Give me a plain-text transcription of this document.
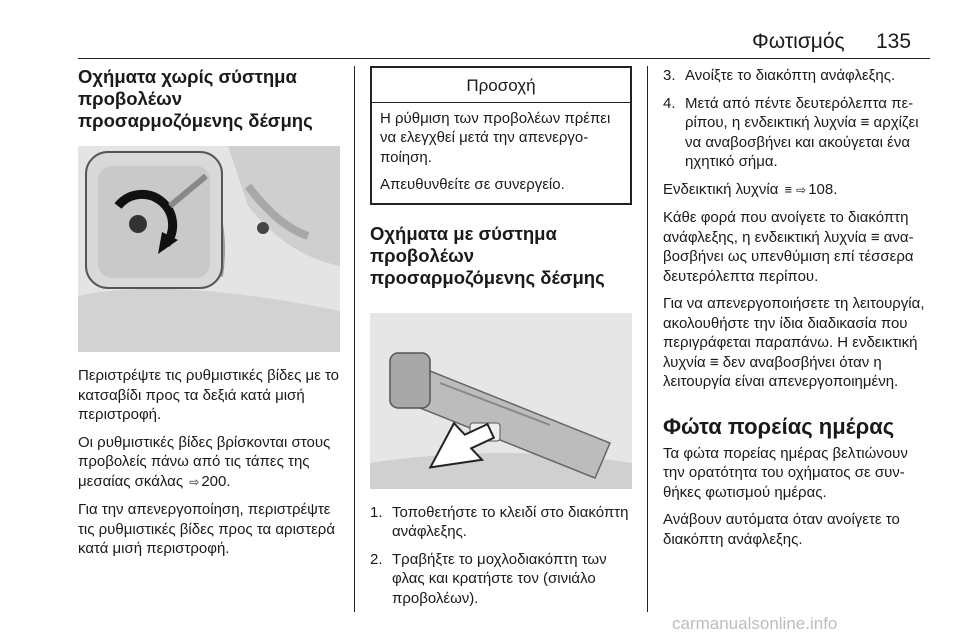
Φωτισμός 135
Οχήματα χωρίς σύστημα προβολέων προσαρμοζόμενης δέσμης

Περιστρέψτε τις ρυθμιστικές βίδες με το κατσαβίδι προς τα δεξιά κατά μισή περιστροφή.

Οι ρυθμιστικές βίδες βρίσκονται στους προβολείς πάνω από τις τάπες της μεσαίας σκάλας ⇨ 200.

Για την απενεργοποίηση, περιστρέψτε τις ρυθμιστικές βίδες προς τα αριστερά κατά μισή περιστροφή.

Προσοχή

Η ρύθμιση των προβολέων πρέπει να ελεγχθεί μετά την απενεργοποίηση.

Απευθυνθείτε σε συνεργείο.

Οχήματα με σύστημα προβολέων προσαρμοζόμενης δέσμης
1. Τοποθετήστε το κλειδί στο διακόπτη ανάφλεξης.
2. Τραβήξτε το μοχλοδιακόπτη των φλας και κρατήστε τον (σινιάλο προβολέων).
3. Ανοίξτε το διακόπτη ανάφλεξης.
4. Μετά από πέντε δευτερόλεπτα περίπου, η ενδεικτική λυχνία ≡ αρχίζει να αναβοσβήνει και ακούγεται ένα ηχητικό σήμα.

Ενδεικτική λυχνία ≡ ⇨ 108.

Κάθε φορά που ανοίγετε το διακόπτη ανάφλεξης, η ενδεικτική λυχνία ≡ αναβοσβήνει ως υπενθύμιση επί τέσσερα δευτερόλεπτα περίπου.

Για να απενεργοποιήσετε τη λειτουργία, ακολουθήστε την ίδια διαδικασία που περιγράφεται παραπάνω. Η ενδεικτική λυχνία ≡ δεν αναβοσβήνει όταν η λειτουργία είναι απενεργοποιημένη.

Φώτα πορείας ημέρας

Τα φώτα πορείας ημέρας βελτιώνουν την ορατότητα του οχήματος σε συνθήκες φωτισμού ημέρας.

Ανάβουν αυτόματα όταν ανοίγετε το διακόπτη ανάφλεξης.

carmanualsonline.info
